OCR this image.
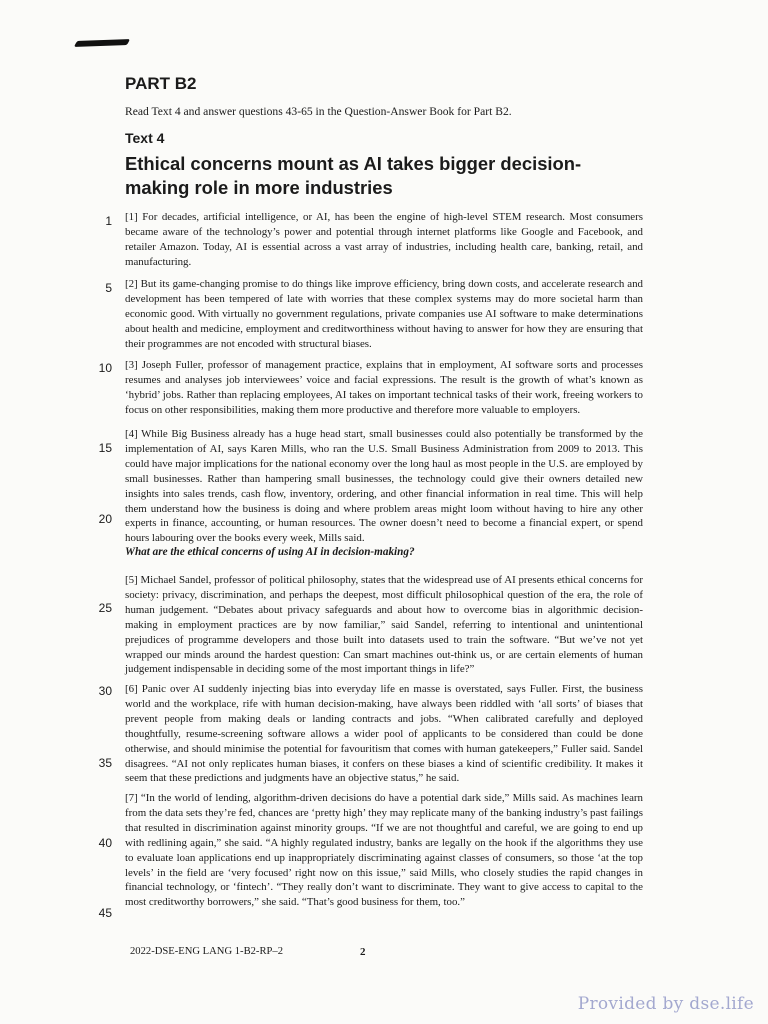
PART B2

Read Text 4 and answer questions 43-65 in the Question-Answer Book for Part B2.

Text 4
Ethical concerns mount as AI takes bigger decision-making role in more industries

[1] For decades, artificial intelligence, or AI, has been the engine of high-level STEM research. Most consumers became aware of the technology’s power and potential through internet platforms like Google and Facebook, and retailer Amazon. Today, AI is essential across a vast array of industries, including health care, banking, retail, and manufacturing.

[2] But its game-changing promise to do things like improve efficiency, bring down costs, and accelerate research and development has been tempered of late with worries that these complex systems may do more societal harm than economic good. With virtually no government regulations, private companies use AI software to make determinations about health and medicine, employment and creditworthiness without having to answer for how they are ensuring that their programmes are not encoded with structural biases.

[3] Joseph Fuller, professor of management practice, explains that in employment, AI software sorts and processes resumes and analyses job interviewees’ voice and facial expressions. The result is the growth of what’s known as ‘hybrid’ jobs. Rather than replacing employees, AI takes on important technical tasks of their work, freeing workers to focus on other responsibilities, making them more productive and therefore more valuable to employers.

[4] While Big Business already has a huge head start, small businesses could also potentially be transformed by the implementation of AI, says Karen Mills, who ran the U.S. Small Business Administration from 2009 to 2013. This could have major implications for the national economy over the long haul as most people in the U.S. are employed by small businesses. Rather than hampering small businesses, the technology could give their owners detailed new insights into sales trends, cash flow, inventory, ordering, and other financial information in real time. This will help them understand how the business is doing and where problem areas might loom without having to hire any other experts in finance, accounting, or human resources. The owner doesn’t need to become a financial expert, or spend hours labouring over the books every week, Mills said.

What are the ethical concerns of using AI in decision-making?

[5] Michael Sandel, professor of political philosophy, states that the widespread use of AI presents ethical concerns for society: privacy, discrimination, and perhaps the deepest, most difficult philosophical question of the era, the role of human judgement. “Debates about privacy safeguards and about how to overcome bias in algorithmic decision-making in employment practices are by now familiar,” said Sandel, referring to intentional and unintentional prejudices of programme developers and those built into datasets used to train the software. “But we’ve not yet wrapped our minds around the hardest question: Can smart machines out-think us, or are certain elements of human judgement indispensable in deciding some of the most important things in life?”

[6] Panic over AI suddenly injecting bias into everyday life en masse is overstated, says Fuller. First, the business world and the workplace, rife with human decision-making, have always been riddled with ‘all sorts’ of biases that prevent people from making deals or landing contracts and jobs. “When calibrated carefully and deployed thoughtfully, resume-screening software allows a wider pool of applicants to be considered than could be done otherwise, and should minimise the potential for favouritism that comes with human gatekeepers,” Fuller said. Sandel disagrees. “AI not only replicates human biases, it confers on these biases a kind of scientific credibility. It makes it seem that these predictions and judgments have an objective status,” he said.

[7] “In the world of lending, algorithm-driven decisions do have a potential dark side,” Mills said. As machines learn from the data sets they’re fed, chances are ‘pretty high’ they may replicate many of the banking industry’s past failings that resulted in discrimination against minority groups. “If we are not thoughtful and careful, we are going to end up with redlining again,” she said. “A highly regulated industry, banks are legally on the hook if the algorithms they use to evaluate loan applications end up inappropriately discriminating against classes of consumers, so those ‘at the top levels’ in the field are ‘very focused’ right now on this issue,” said Mills, who closely studies the rapid changes in financial technology, or ‘fintech’. “They really don’t want to discriminate. They want to give access to capital to the most creditworthy borrowers,” she said. “That’s good business for them, too.”

1
5
10
15
20
25
30
35
40
45
2022-DSE-ENG LANG 1-B2-RP–2	2
Provided by dse.life
